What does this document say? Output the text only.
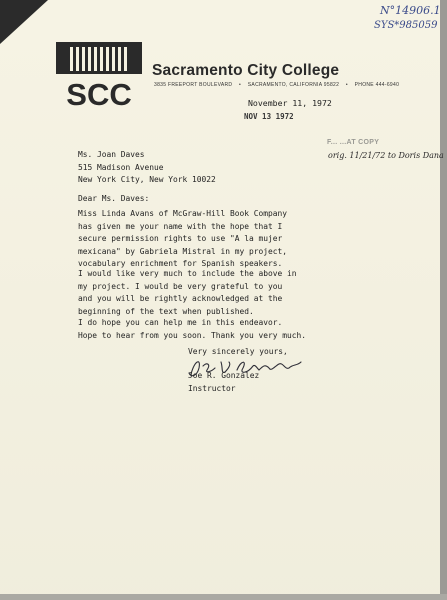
N°14906.1
SYS*985059
SCC
Sacramento City College
3835 FREEPORT BOULEVARD • SACRAMENTO, CALIFORNIA 95822 • PHONE 444-6940
November 11, 1972
NOV 13 1972
F... ...AT COPY
orig. 11/21/72 to Doris Dana
Ms. Joan Daves
515 Madison Avenue
New York City, New York 10022
Dear Ms. Daves:
Miss Linda Avans of McGraw-Hill Book Company
has given me your name with the hope that I
secure permission rights to use "A la mujer
mexicana" by Gabriela Mistral in my project,
vocabulary enrichment for Spanish speakers.
I would like very much to include the above in
my project. I would be very grateful to you
and you will be rightly acknowledged at the
beginning of the text when published.
I do hope you can help me in this endeavor.
Hope to hear from you soon. Thank you very much.
Very sincerely yours,
Joe R. Gonzalez
Instructor
